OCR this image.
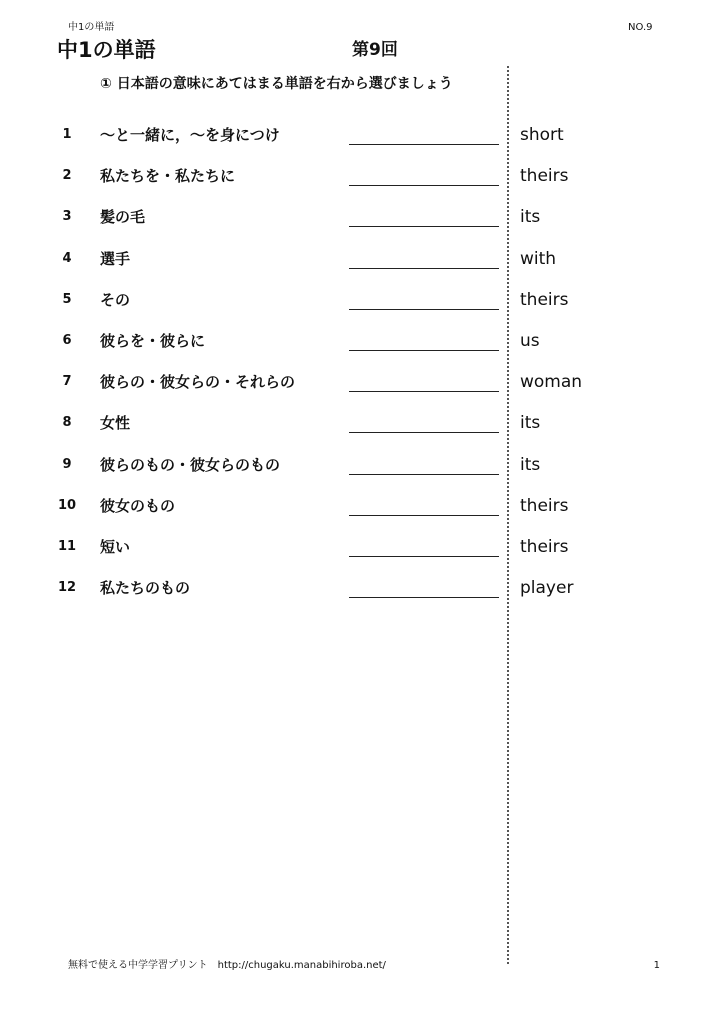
中1の単語	NO.9
中1の単語	第9回
① 日本語の意味にあてはまる単語を右から選びましょう
1	～と一緒に，～を身につけ	short
2	私たちを・私たちに	theirs
3	髪の毛	its
4	選手	with
5	その	theirs
6	彼らを・彼らに	us
7	彼らの・彼女らの・それらの	woman
8	女性	its
9	彼らのもの・彼女らのもの	its
10	彼女のもの	theirs
11	短い	theirs
12	私たちのもの	player
無料で使える中学学習プリント　http://chugaku.manabihiroba.net/	1
